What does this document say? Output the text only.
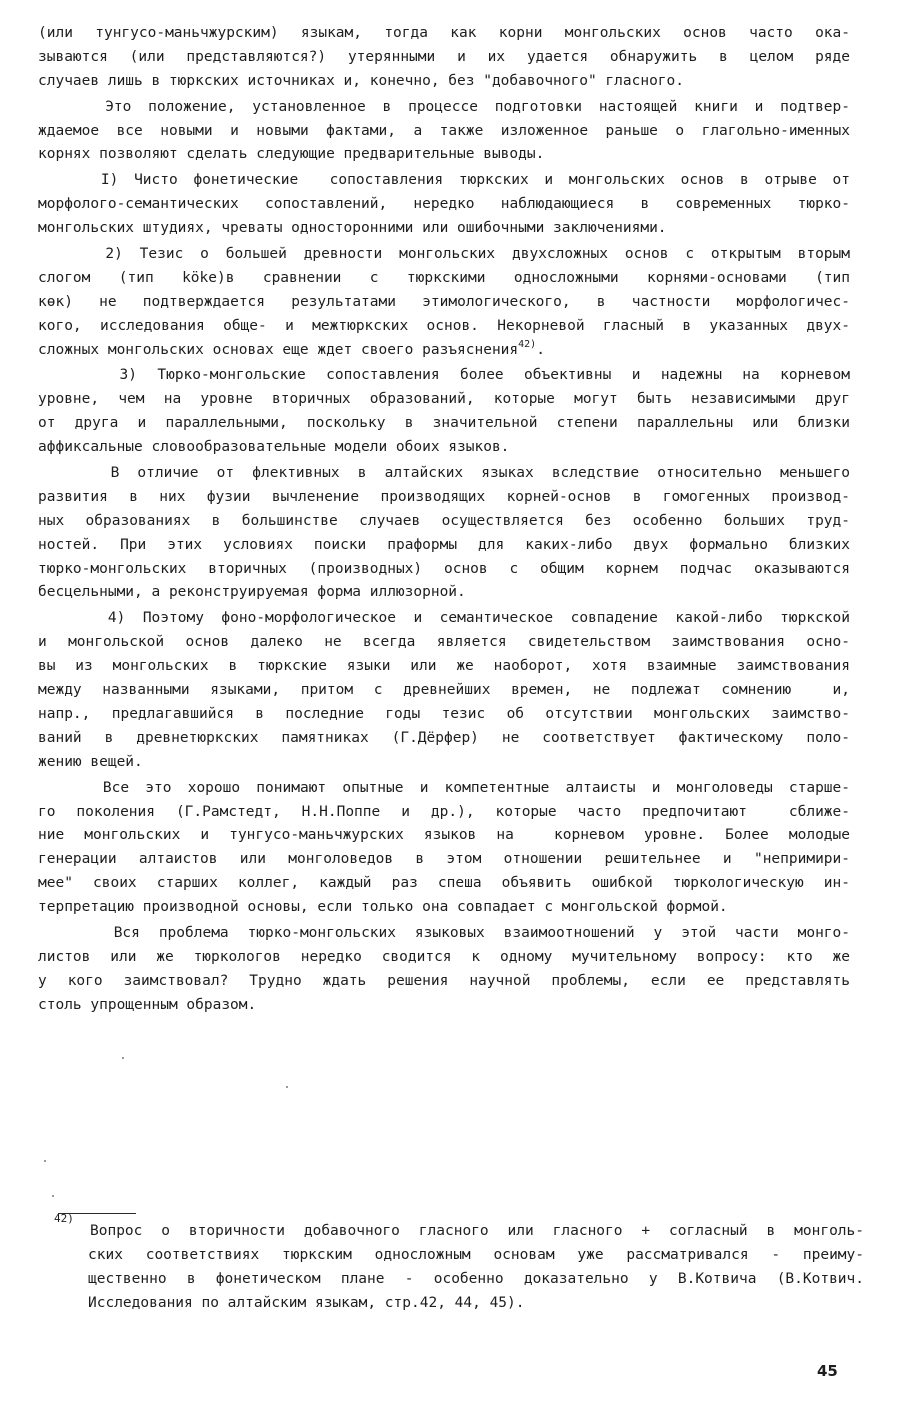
(или тунгусо-маньчжурским) языкам, тогда как корни монгольских основ часто ока-
зываются (или представляются?) утерянными и их удается обнаружить в целом ряде
случаев лишь в тюркских источниках и, конечно, без "добавочного" гласного.
Это положение, установленное в процессе подготовки настоящей книги и подтвер-
ждаемое все новыми и новыми фактами, а также изложенное раньше о глагольно-именных
корнях позволяют сделать следующие предварительные выводы.
I) Чисто фонетические  сопоставления тюркских и монгольских основ в отрыве от
морфолого-семантических сопоставлений, нередко наблюдающиеся в современных тюрко-
монгольских штудиях, чреваты односторонними или ошибочными заключениями.
2) Тезис о большей древности монгольских двухсложных основ с открытым вторым
слогом (тип köke)в сравнении с тюркскими односложными корнями-основами (тип
көк) не подтверждается результатами этимологического, в частности морфологичес-
кого, исследования обще- и межтюркских основ. Некорневой гласный в указанных двух-
сложных монгольских основах еще ждет своего разъяснения$^{42)}$.
3) Тюрко-монгольские сопоставления более объективны и надежны на корневом
уровне, чем на уровне вторичных образований, которые могут быть независимыми друг
от друга и параллельными, поскольку в значительной степени параллельны или близки
аффиксальные словообразовательные модели обоих языков.
В отличие от флективных в алтайских языках вследствие относительно меньшего
развития в них фузии вычленение производящих корней-основ в гомогенных производ-
ных образованиях в большинстве случаев осуществляется без особенно больших труд-
ностей. При этих условиях поиски праформы для каких-либо двух формально близких
тюрко-монгольских вторичных (производных) основ с общим корнем подчас оказываются
бесцельными, а реконструируемая форма иллюзорной.
4) Поэтому фоно-морфологическое и семантическое совпадение какой-либо тюркской
и монгольской основ далеко не всегда является свидетельством заимствования осно-
вы из монгольских в тюркские языки или же наоборот, хотя взаимные заимствования
между названными языками, притом с древнейших времен, не подлежат сомнению  и,
напр., предлагавшийся в последние годы тезис об отсутствии монгольских заимство-
ваний в древнетюркских памятниках (Г.Дёрфер) не соответствует фактическому поло-
жению вещей.
Все это хорошо понимают опытные и компетентные алтаисты и монголоведы старше-
го поколения (Г.Рамстедт, Н.Н.Поппе и др.), которые часто предпочитают  сближе-
ние монгольских и тунгусо-маньчжурских языков на  корневом уровне. Более молодые
генерации алтаистов или монголоведов в этом отношении решительнее и "непримири-
мее" своих старших коллег, каждый раз спеша объявить ошибкой тюркологическую ин-
терпретацию производной основы, если только она совпадает с монгольской формой.
Вся проблема тюрко-монгольских языковых взаимоотношений у этой части монго-
листов или же тюркологов нередко сводится к одному мучительному вопросу: кто же
у кого заимствовал? Трудно ждать решения научной проблемы, если ее представлять
столь упрощенным образом.
42)
Вопрос о вторичности добавочного гласного или гласного + согласный в монголь-
ских соответствиях тюркским односложным основам уже рассматривался - преиму-
щественно в фонетическом плане - особенно доказательно у В.Котвича (В.Котвич.
Исследования по алтайским языкам, стр.42, 44, 45).
45
